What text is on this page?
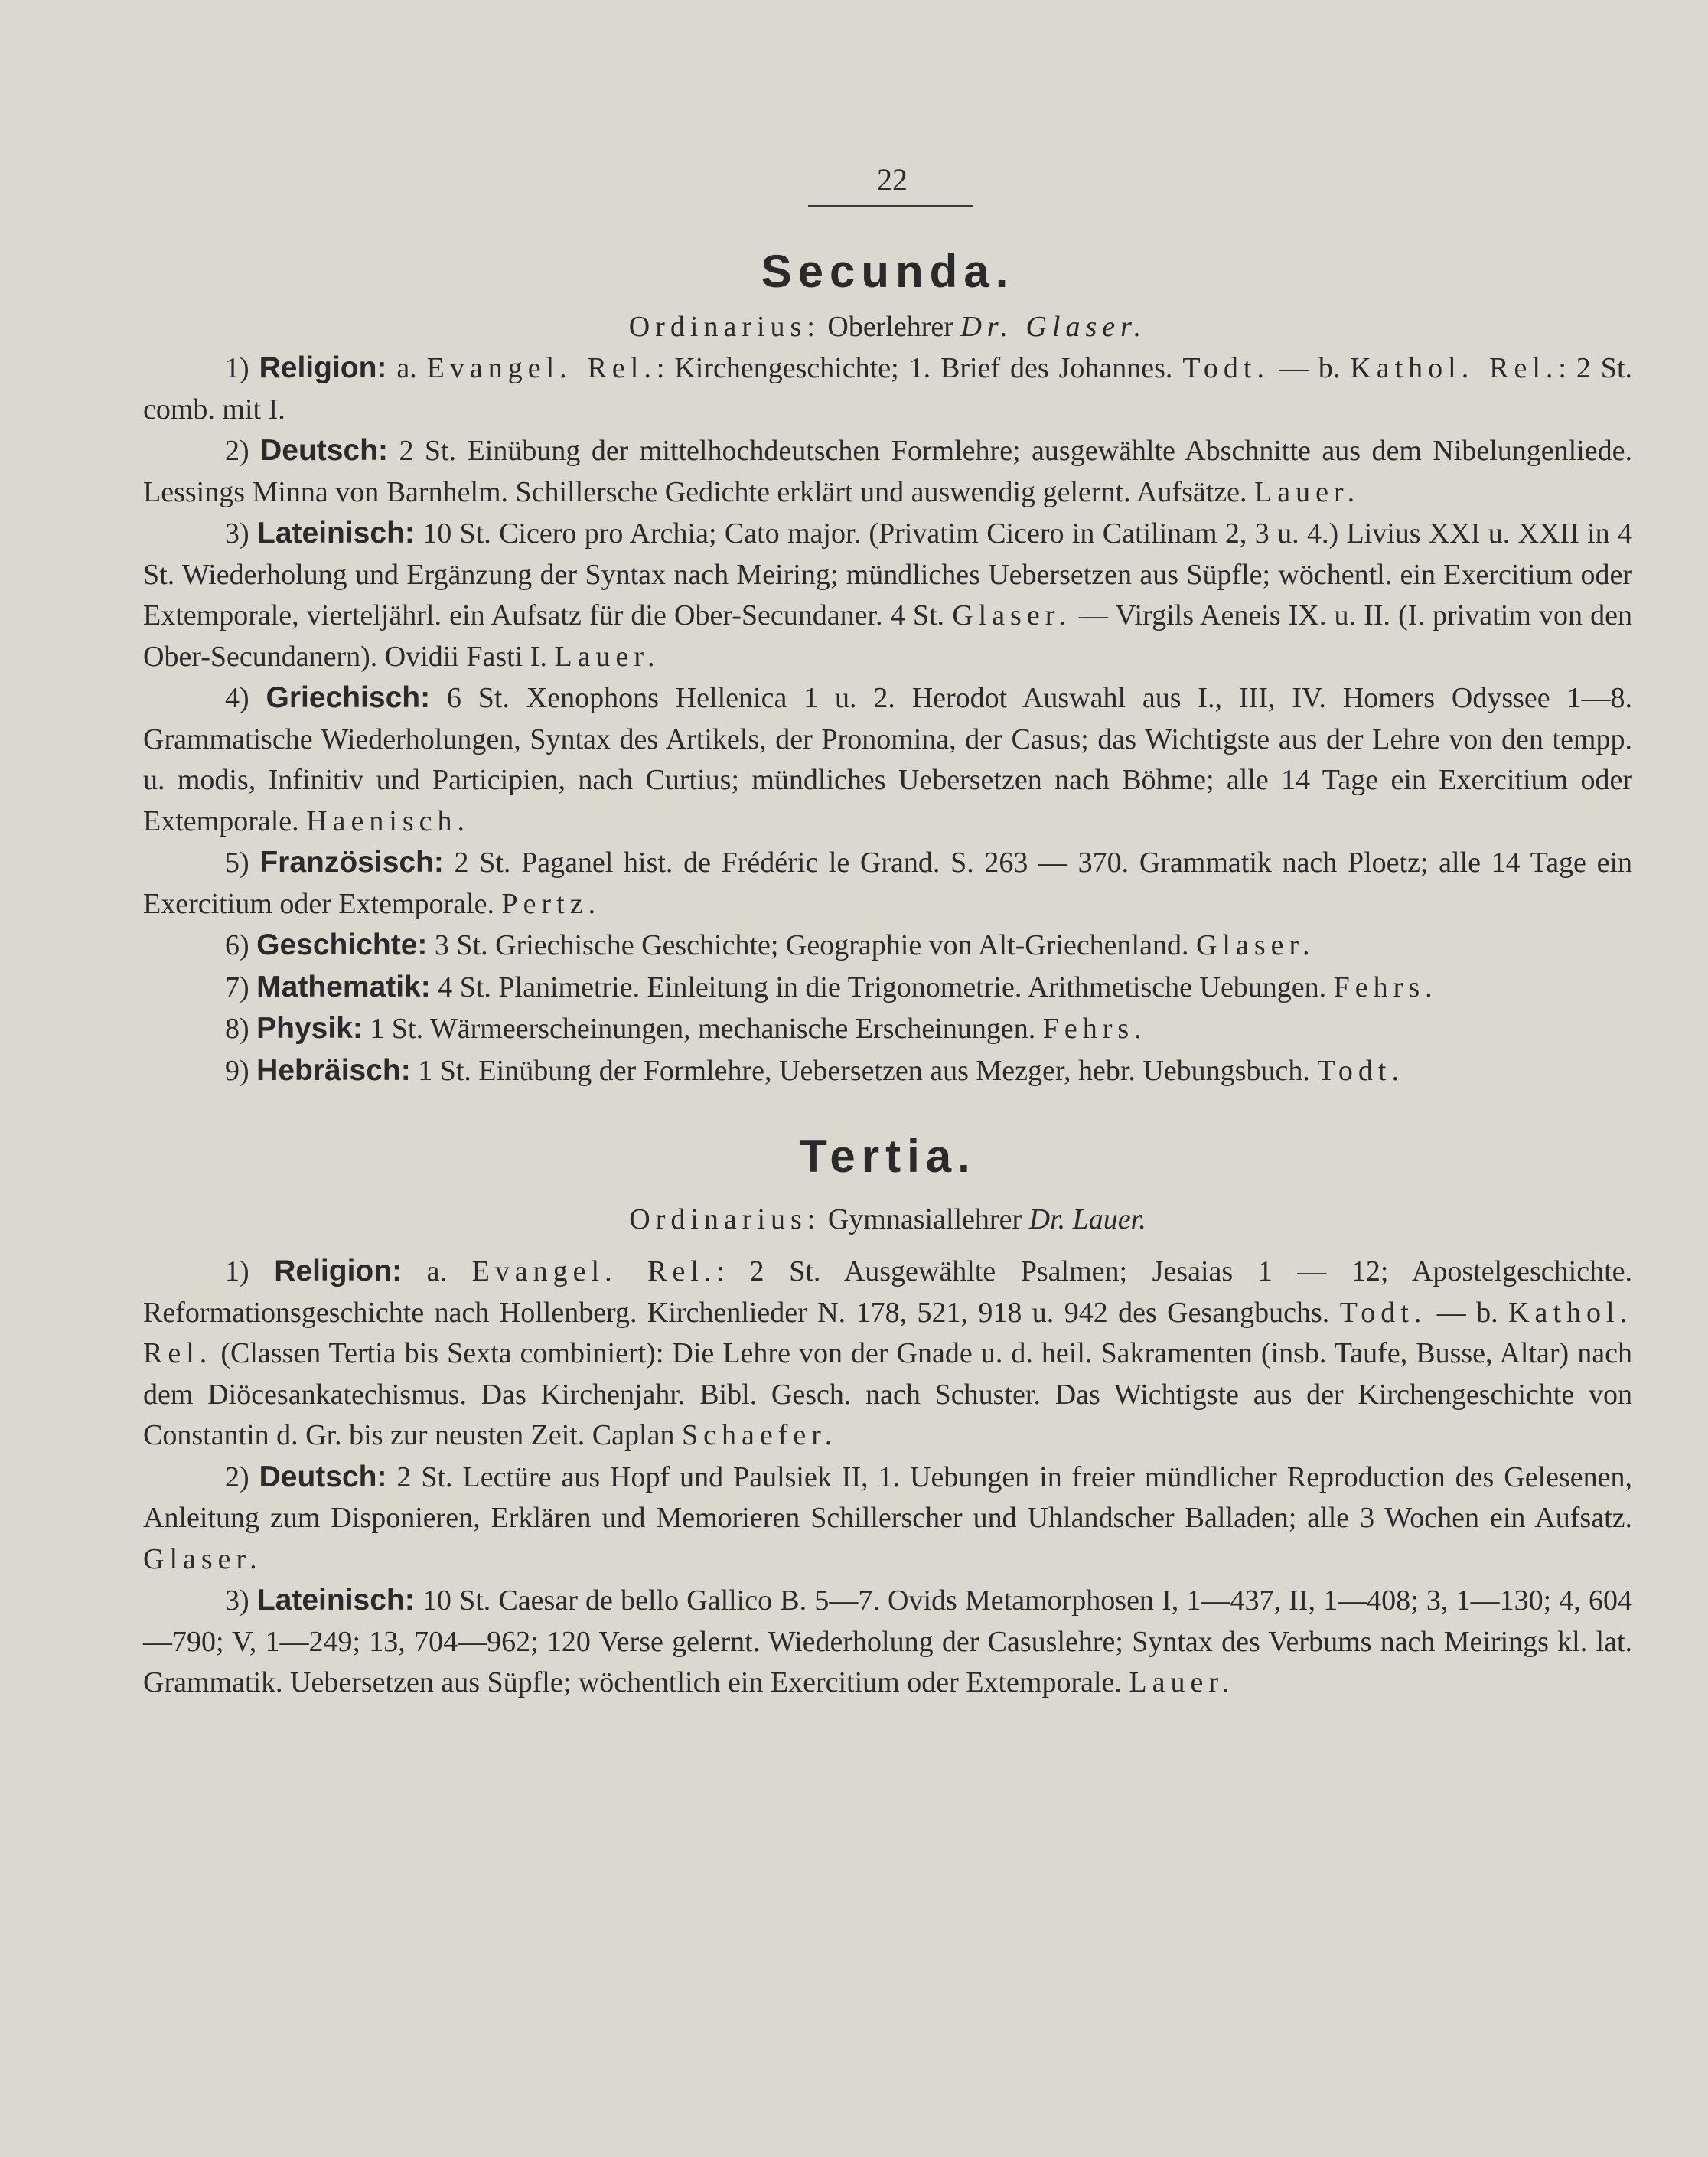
22
Secunda.

Ordinarius: Oberlehrer Dr. Glaser.

1) Religion: a. Evangel. Rel.: Kirchengeschichte; 1. Brief des Johannes. Todt. — b. Kathol. Rel.: 2 St. comb. mit I.

2) Deutsch: 2 St. Einübung der mittelhochdeutschen Formlehre; ausgewählte Abschnitte aus dem Nibelungenliede. Lessings Minna von Barnhelm. Schillersche Gedichte erklärt und auswendig gelernt. Aufsätze. Lauer.

3) Lateinisch: 10 St. Cicero pro Archia; Cato major. (Privatim Cicero in Catilinam 2, 3 u. 4.) Livius XXI u. XXII in 4 St. Wiederholung und Ergänzung der Syntax nach Meiring; mündliches Uebersetzen aus Süpfle; wöchentl. ein Exercitium oder Extemporale, vierteljährl. ein Aufsatz für die Ober-Secundaner. 4 St. Glaser. — Virgils Aeneis IX. u. II. (I. privatim von den Ober-Secundanern). Ovidii Fasti I. Lauer.

4) Griechisch: 6 St. Xenophons Hellenica 1 u. 2. Herodot Auswahl aus I., III, IV. Homers Odyssee 1—8. Grammatische Wiederholungen, Syntax des Artikels, der Pronomina, der Casus; das Wichtigste aus der Lehre von den tempp. u. modis, Infinitiv und Participien, nach Curtius; mündliches Uebersetzen nach Böhme; alle 14 Tage ein Exercitium oder Extemporale. Haenisch.

5) Französisch: 2 St. Paganel hist. de Frédéric le Grand. S. 263 — 370. Grammatik nach Ploetz; alle 14 Tage ein Exercitium oder Extemporale. Pertz.

6) Geschichte: 3 St. Griechische Geschichte; Geographie von Alt-Griechenland. Glaser.

7) Mathematik: 4 St. Planimetrie. Einleitung in die Trigonometrie. Arithmetische Uebungen. Fehrs.

8) Physik: 1 St. Wärmeerscheinungen, mechanische Erscheinungen. Fehrs.

9) Hebräisch: 1 St. Einübung der Formlehre, Uebersetzen aus Mezger, hebr. Uebungsbuch. Todt.

Tertia.

Ordinarius: Gymnasiallehrer Dr. Lauer.

1) Religion: a. Evangel. Rel.: 2 St. Ausgewählte Psalmen; Jesaias 1 — 12; Apostelgeschichte. Reformationsgeschichte nach Hollenberg. Kirchenlieder N. 178, 521, 918 u. 942 des Gesangbuchs. Todt. — b. Kathol. Rel. (Classen Tertia bis Sexta combiniert): Die Lehre von der Gnade u. d. heil. Sakramenten (insb. Taufe, Busse, Altar) nach dem Diöcesankatechismus. Das Kirchenjahr. Bibl. Gesch. nach Schuster. Das Wichtigste aus der Kirchengeschichte von Constantin d. Gr. bis zur neusten Zeit. Caplan Schaefer.

2) Deutsch: 2 St. Lectüre aus Hopf und Paulsiek II, 1. Uebungen in freier mündlicher Reproduction des Gelesenen, Anleitung zum Disponieren, Erklären und Memorieren Schillerscher und Uhlandscher Balladen; alle 3 Wochen ein Aufsatz. Glaser.

3) Lateinisch: 10 St. Caesar de bello Gallico B. 5—7. Ovids Metamorphosen I, 1—437, II, 1—408; 3, 1—130; 4, 604—790; V, 1—249; 13, 704—962; 120 Verse gelernt. Wiederholung der Casuslehre; Syntax des Verbums nach Meirings kl. lat. Grammatik. Uebersetzen aus Süpfle; wöchentlich ein Exercitium oder Extemporale. Lauer.
